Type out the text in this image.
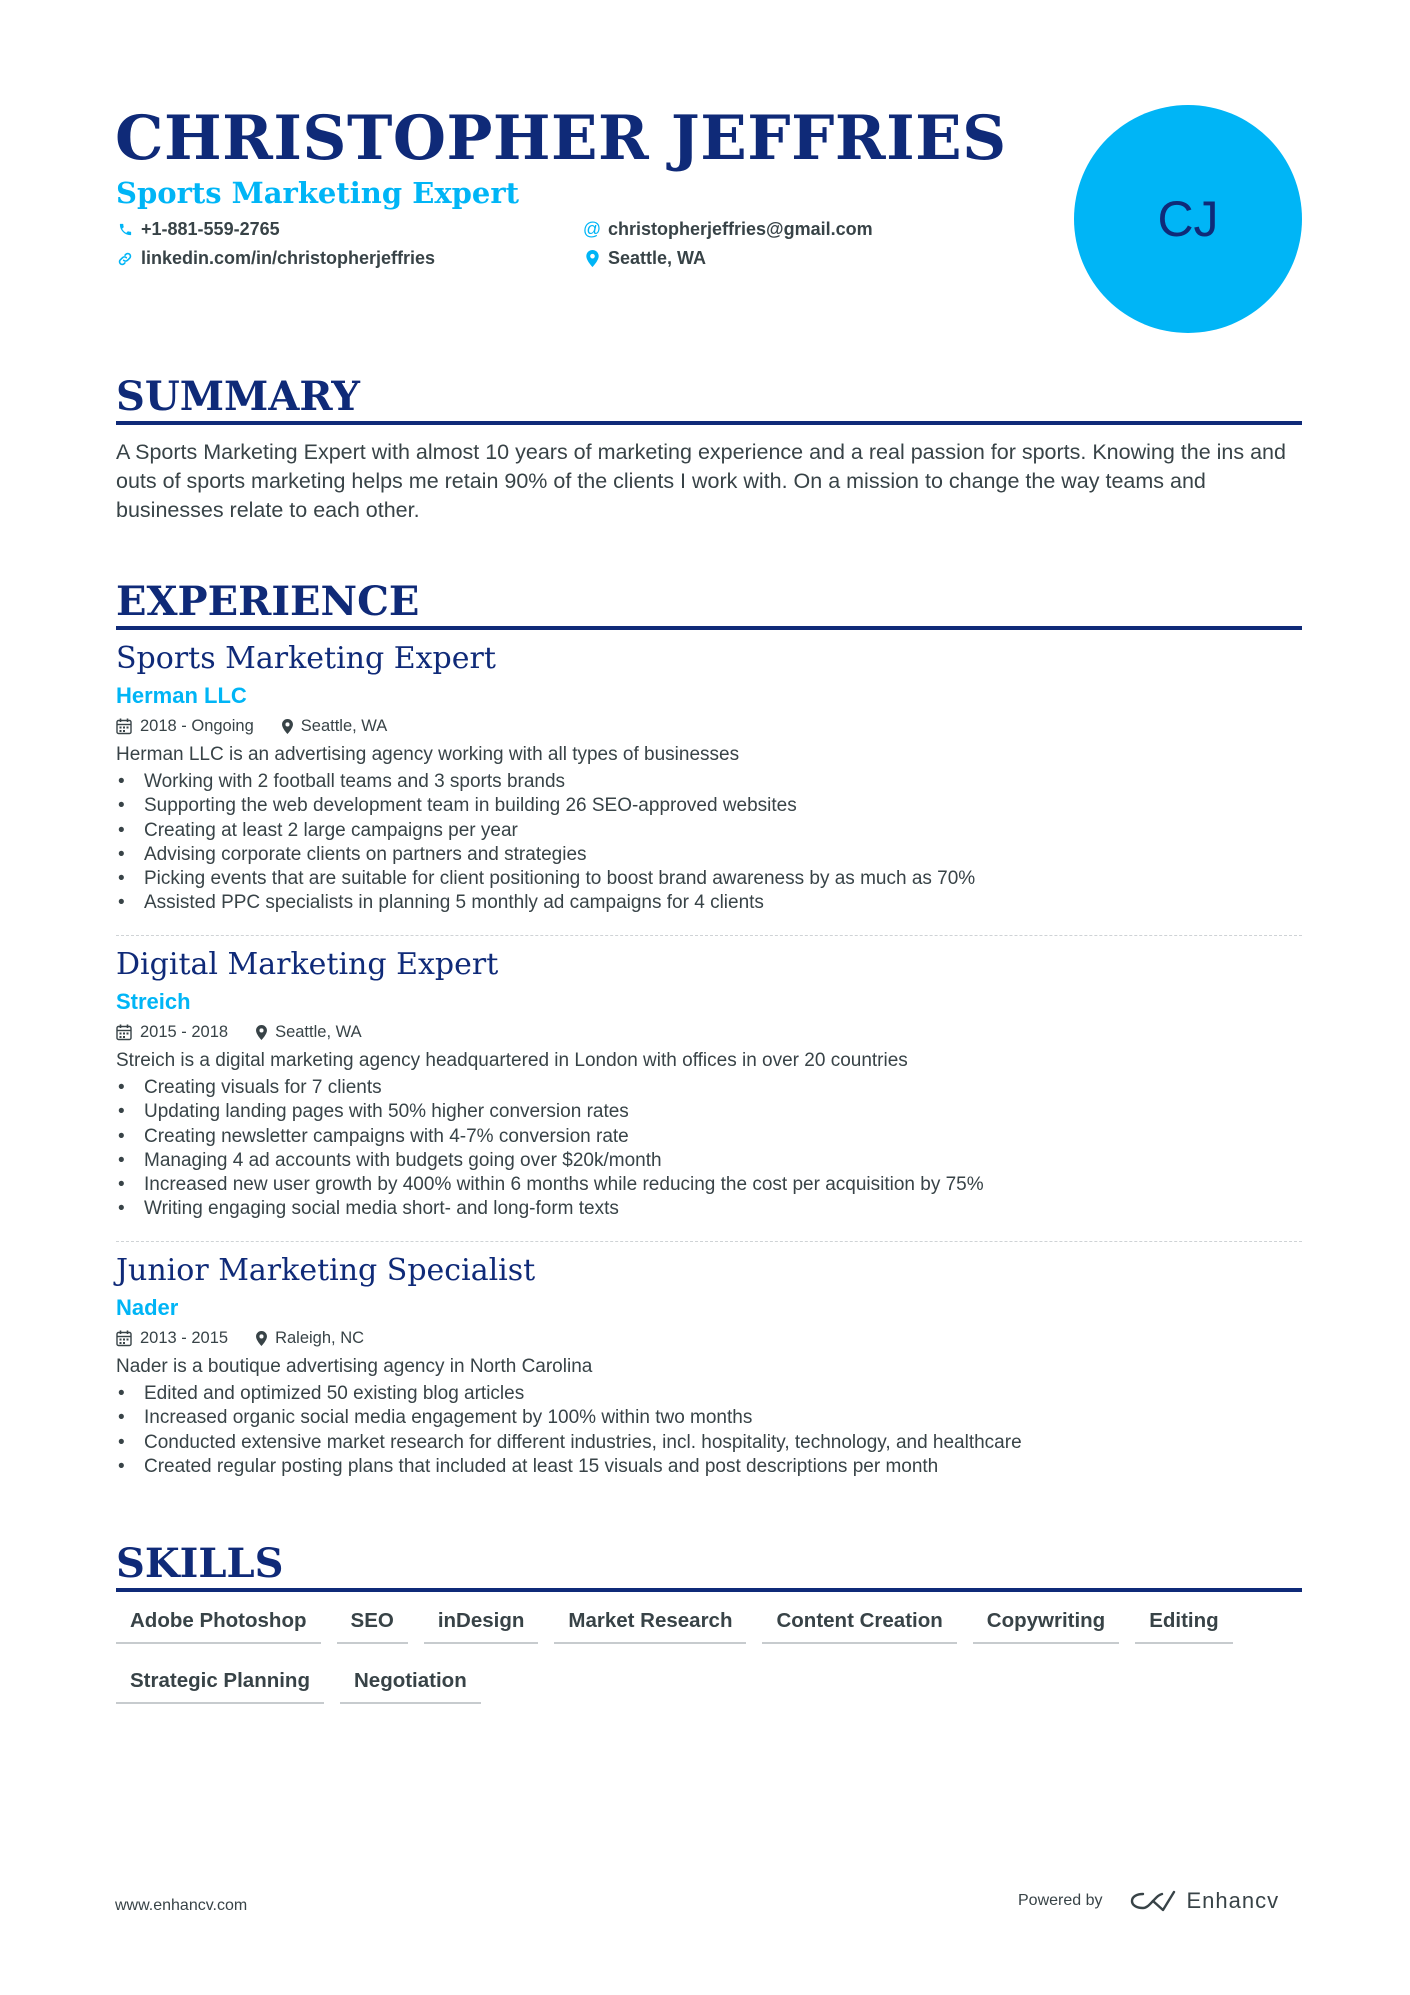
CHRISTOPHER JEFFRIES
Sports Marketing Expert
+1-881-559-2765	@ christopherjeffries@gmail.com
linkedin.com/in/christopherjeffries	Seattle, WA
CJ
SUMMARY
A Sports Marketing Expert with almost 10 years of marketing experience and a real passion for sports. Knowing the ins and outs of sports marketing helps me retain 90% of the clients I work with. On a mission to change the way teams and businesses relate to each other.
EXPERIENCE
Sports Marketing Expert
Herman LLC
2018 - Ongoing	Seattle, WA
Herman LLC is an advertising agency working with all types of businesses
• Working with 2 football teams and 3 sports brands
• Supporting the web development team in building 26 SEO-approved websites
• Creating at least 2 large campaigns per year
• Advising corporate clients on partners and strategies
• Picking events that are suitable for client positioning to boost brand awareness by as much as 70%
• Assisted PPC specialists in planning 5 monthly ad campaigns for 4 clients
Digital Marketing Expert
Streich
2015 - 2018	Seattle, WA
Streich is a digital marketing agency headquartered in London with offices in over 20 countries
• Creating visuals for 7 clients
• Updating landing pages with 50% higher conversion rates
• Creating newsletter campaigns with 4-7% conversion rate
• Managing 4 ad accounts with budgets going over $20k/month
• Increased new user growth by 400% within 6 months while reducing the cost per acquisition by 75%
• Writing engaging social media short- and long-form texts
Junior Marketing Specialist
Nader
2013 - 2015	Raleigh, NC
Nader is a boutique advertising agency in North Carolina
• Edited and optimized 50 existing blog articles
• Increased organic social media engagement by 100% within two months
• Conducted extensive market research for different industries, incl. hospitality, technology, and healthcare
• Created regular posting plans that included at least 15 visuals and post descriptions per month
SKILLS
Adobe Photoshop	SEO	inDesign	Market Research	Content Creation	Copywriting	Editing
Strategic Planning	Negotiation
www.enhancv.com	Powered by	Enhancv
